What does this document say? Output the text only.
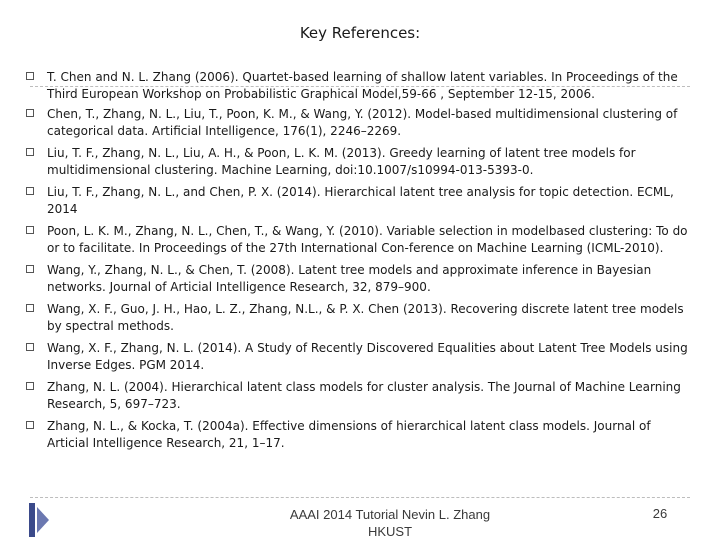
Key References:
T. Chen and N. L. Zhang (2006). Quartet-based learning of shallow latent variables. In Proceedings of the Third European Workshop on Probabilistic Graphical Model,59-66 , September 12-15, 2006.
Chen, T., Zhang, N. L., Liu, T., Poon, K. M., & Wang, Y. (2012). Model-based multidimensional clustering of categorical data. Artificial Intelligence, 176(1), 2246–2269.
Liu, T. F., Zhang, N. L., Liu, A. H., & Poon, L. K. M. (2013). Greedy learning of latent tree models for multidimensional clustering. Machine Learning, doi:10.1007/s10994-013-5393-0.
Liu, T. F., Zhang, N. L., and Chen, P. X. (2014). Hierarchical latent tree analysis for topic detection. ECML, 2014
Poon, L. K. M., Zhang, N. L., Chen, T., & Wang, Y. (2010). Variable selection in modelbased clustering: To do or to facilitate. In Proceedings of the 27th International Con-ference on Machine Learning (ICML-2010).
Wang, Y., Zhang, N. L., & Chen, T. (2008). Latent tree models and approximate inference in Bayesian networks. Journal of Articial Intelligence Research, 32, 879–900.
Wang, X. F., Guo, J. H., Hao, L. Z., Zhang, N.L., & P. X. Chen (2013). Recovering discrete latent tree models by spectral methods.
Wang, X. F., Zhang, N. L. (2014). A Study of Recently Discovered Equalities about Latent Tree Models using Inverse Edges. PGM 2014.
Zhang, N. L. (2004). Hierarchical latent class models for cluster analysis. The Journal of Machine Learning Research, 5, 697–723.
Zhang, N. L., & Kocka, T. (2004a). Effective dimensions of hierarchical latent class models. Journal of Articial Intelligence Research, 21, 1–17.
AAAI 2014 Tutorial Nevin L. Zhang
HKUST
26
